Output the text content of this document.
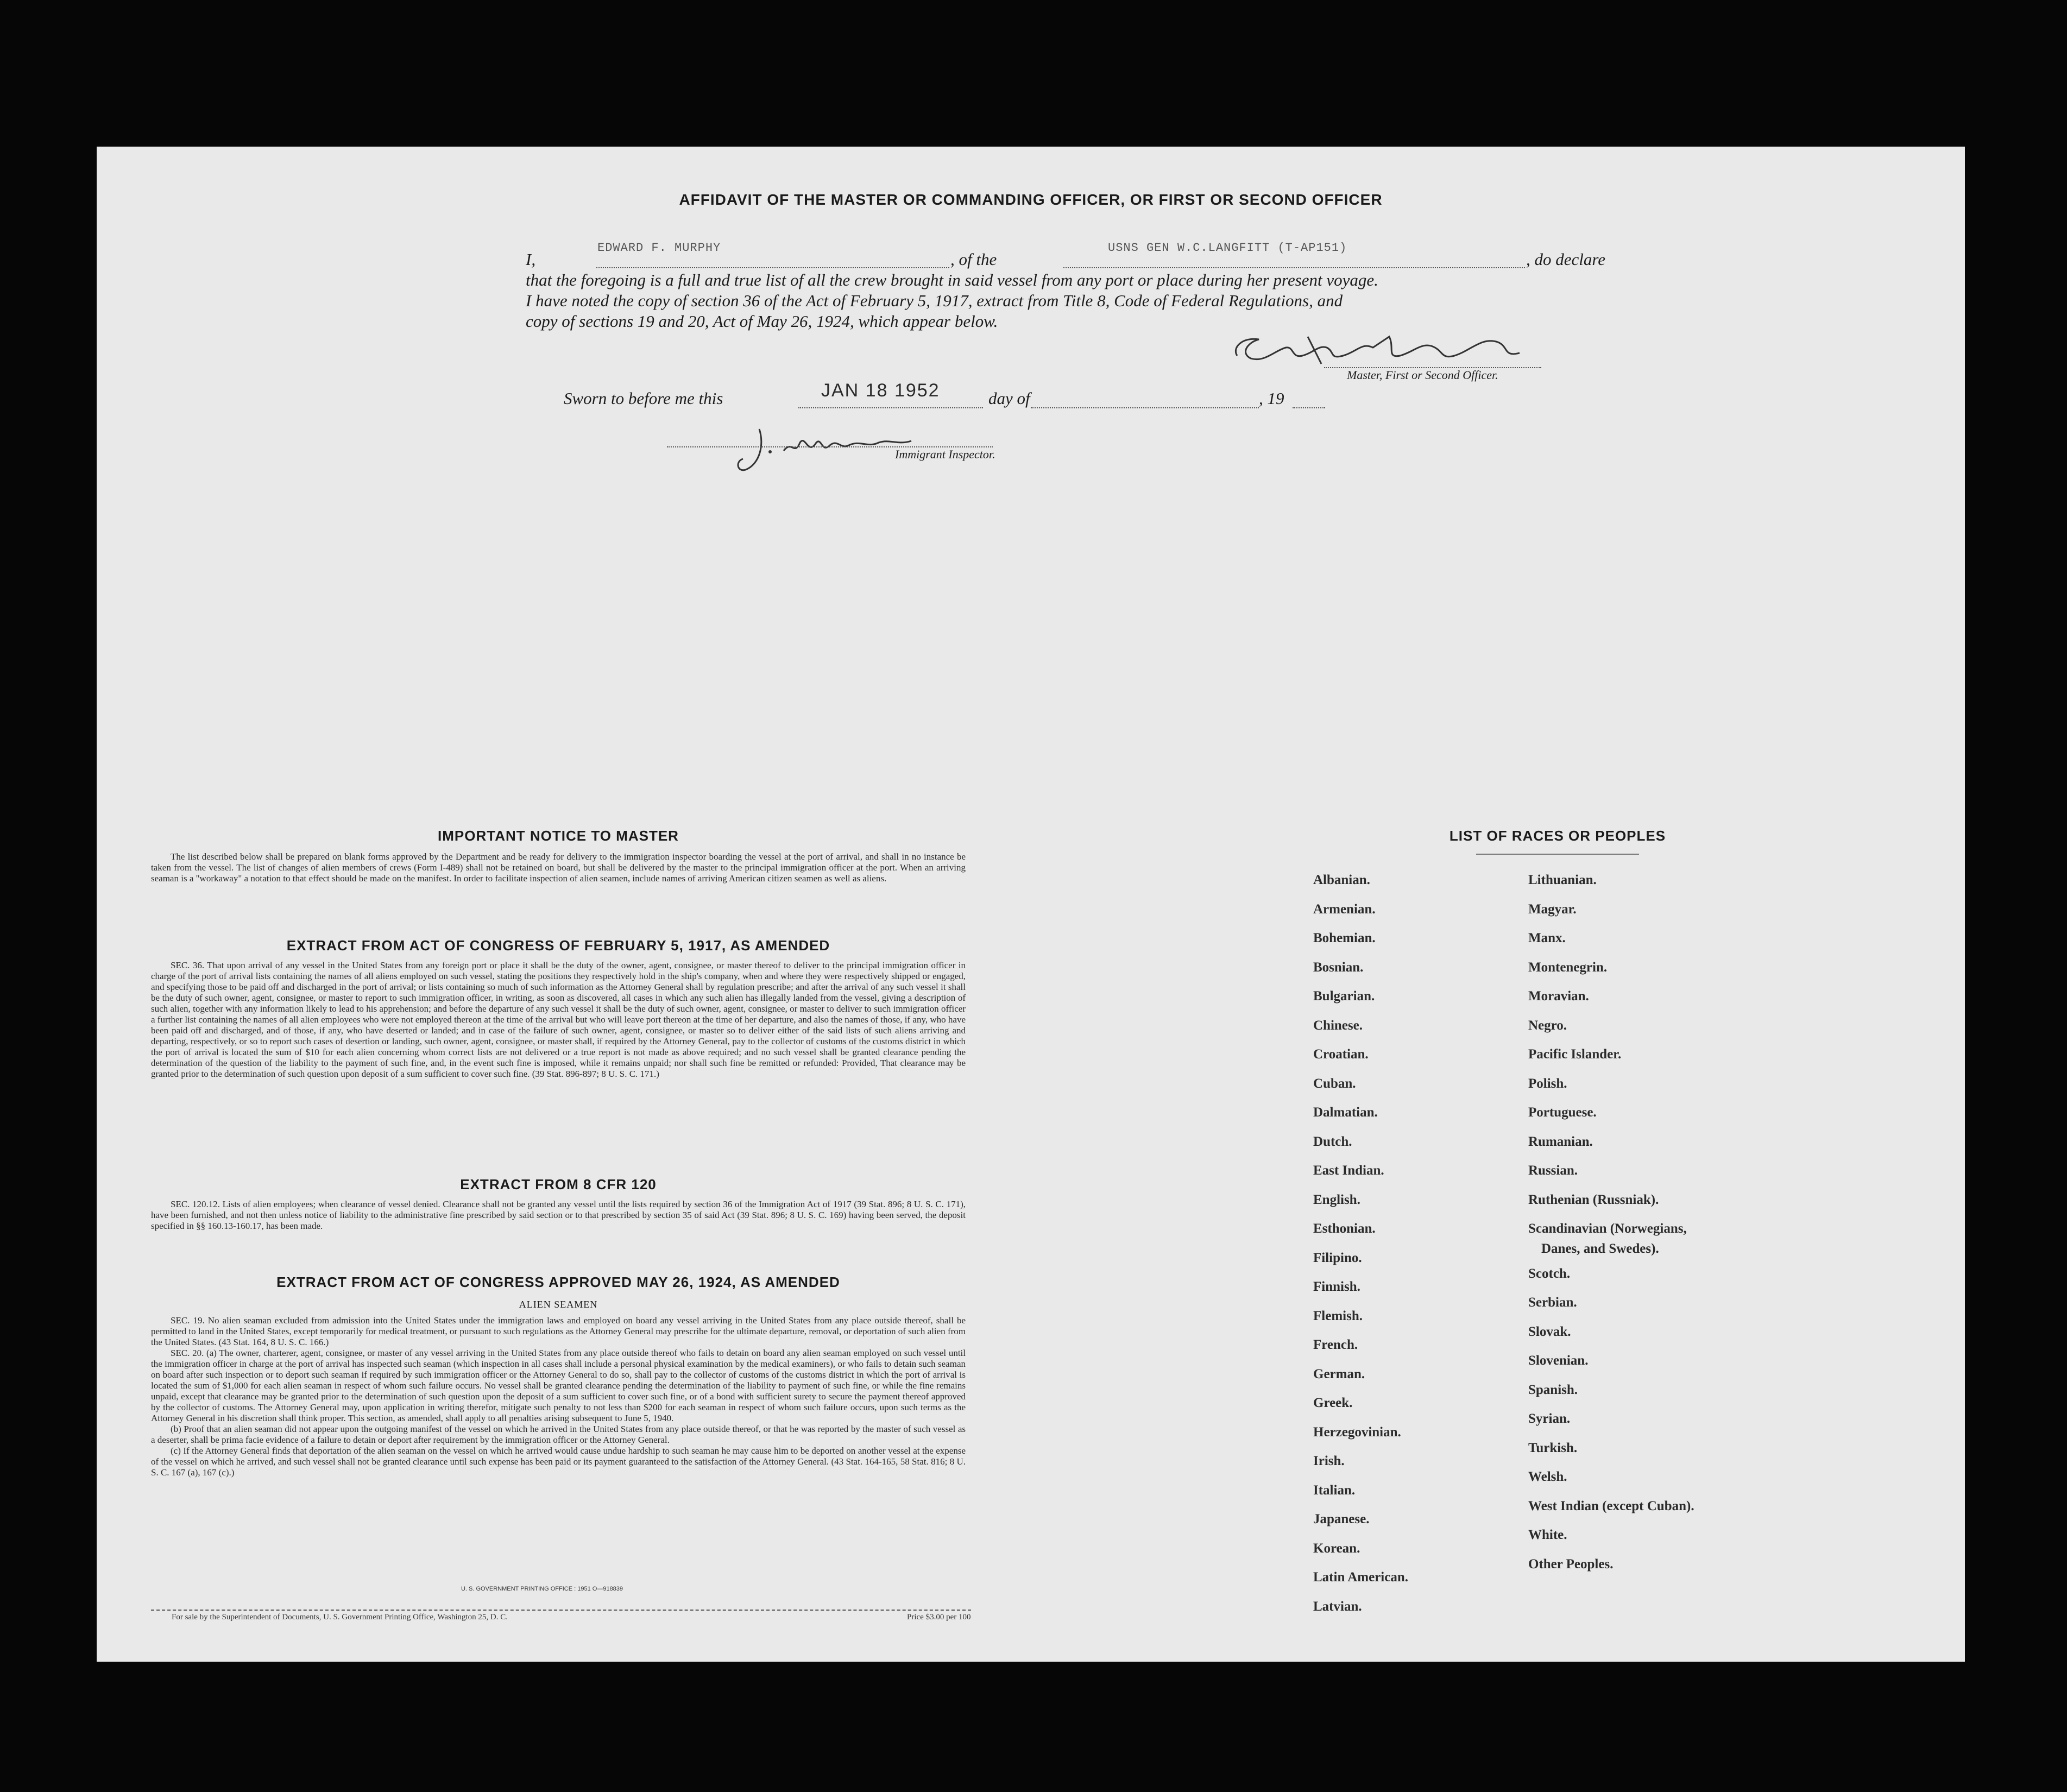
AFFIDAVIT OF THE MASTER OR COMMANDING OFFICER, OR FIRST OR SECOND OFFICER
I,
EDWARD F. MURPHY
, of the
USNS GEN W.C.LANGFITT (T-AP151)
, do declare
that the foregoing is a full and true list of all the crew brought in said vessel from any port or place during her present voyage.
I have noted the copy of section 36 of the Act of February 5, 1917, extract from Title 8, Code of Federal Regulations, and
copy of sections 19 and 20, Act of May 26, 1924, which appear below.
Master, First or Second Officer.
Sworn to before me this	JAN 18 1952	day of	, 19
Immigrant Inspector.
IMPORTANT NOTICE TO MASTER

The list described below shall be prepared on blank forms approved by the Department and be ready for delivery to the immigration inspector boarding the vessel at the port of arrival, and shall in no instance be taken from the vessel. The list of changes of alien members of crews (Form I-489) shall not be retained on board, but shall be delivered by the master to the principal immigration officer at the port. When an arriving seaman is a "workaway" a notation to that effect should be made on the manifest. In order to facilitate inspection of alien seamen, include names of arriving American citizen seamen as well as aliens.

EXTRACT FROM ACT OF CONGRESS OF FEBRUARY 5, 1917, AS AMENDED

SEC. 36. That upon arrival of any vessel in the United States from any foreign port or place it shall be the duty of the owner, agent, consignee, or master thereof to deliver to the principal immigration officer in charge of the port of arrival lists containing the names of all aliens employed on such vessel, stating the positions they respectively hold in the ship's company, when and where they were respectively shipped or engaged, and specifying those to be paid off and discharged in the port of arrival; or lists containing so much of such information as the Attorney General shall by regulation prescribe; and after the arrival of any such vessel it shall be the duty of such owner, agent, consignee, or master to report to such immigration officer, in writing, as soon as discovered, all cases in which any such alien has illegally landed from the vessel, giving a description of such alien, together with any information likely to lead to his apprehension; and before the departure of any such vessel it shall be the duty of such owner, agent, consignee, or master to deliver to such immigration officer a further list containing the names of all alien employees who were not employed thereon at the time of the arrival but who will leave port thereon at the time of her departure, and also the names of those, if any, who have been paid off and discharged, and of those, if any, who have deserted or landed; and in case of the failure of such owner, agent, consignee, or master so to deliver either of the said lists of such aliens arriving and departing, respectively, or so to report such cases of desertion or landing, such owner, agent, consignee, or master shall, if required by the Attorney General, pay to the collector of customs of the customs district in which the port of arrival is located the sum of $10 for each alien concerning whom correct lists are not delivered or a true report is not made as above required; and no such vessel shall be granted clearance pending the determination of the question of the liability to the payment of such fine, and, in the event such fine is imposed, while it remains unpaid; nor shall such fine be remitted or refunded: Provided, That clearance may be granted prior to the determination of such question upon deposit of a sum sufficient to cover such fine. (39 Stat. 896-897; 8 U. S. C. 171.)

EXTRACT FROM 8 CFR 120

SEC. 120.12. Lists of alien employees; when clearance of vessel denied. Clearance shall not be granted any vessel until the lists required by section 36 of the Immigration Act of 1917 (39 Stat. 896; 8 U. S. C. 171), have been furnished, and not then unless notice of liability to the administrative fine prescribed by said section or to that prescribed by section 35 of said Act (39 Stat. 896; 8 U. S. C. 169) having been served, the deposit specified in §§ 160.13-160.17, has been made.

EXTRACT FROM ACT OF CONGRESS APPROVED MAY 26, 1924, AS AMENDED
ALIEN SEAMEN

SEC. 19. No alien seaman excluded from admission into the United States under the immigration laws and employed on board any vessel arriving in the United States from any place outside thereof, shall be permitted to land in the United States, except temporarily for medical treatment, or pursuant to such regulations as the Attorney General may prescribe for the ultimate departure, removal, or deportation of such alien from the United States. (43 Stat. 164, 8 U. S. C. 166.)

SEC. 20. (a) The owner, charterer, agent, consignee, or master of any vessel arriving in the United States from any place outside thereof who fails to detain on board any alien seaman employed on such vessel until the immigration officer in charge at the port of arrival has inspected such seaman (which inspection in all cases shall include a personal physical examination by the medical examiners), or who fails to detain such seaman on board after such inspection or to deport such seaman if required by such immigration officer or the Attorney General to do so, shall pay to the collector of customs of the customs district in which the port of arrival is located the sum of $1,000 for each alien seaman in respect of whom such failure occurs. No vessel shall be granted clearance pending the determination of the liability to payment of such fine, or while the fine remains unpaid, except that clearance may be granted prior to the determination of such question upon the deposit of a sum sufficient to cover such fine, or of a bond with sufficient surety to secure the payment thereof approved by the collector of customs. The Attorney General may, upon application in writing therefor, mitigate such penalty to not less than $200 for each seaman in respect of whom such failure occurs, upon such terms as the Attorney General in his discretion shall think proper. This section, as amended, shall apply to all penalties arising subsequent to June 5, 1940.

(b) Proof that an alien seaman did not appear upon the outgoing manifest of the vessel on which he arrived in the United States from any place outside thereof, or that he was reported by the master of such vessel as a deserter, shall be prima facie evidence of a failure to detain or deport after requirement by the immigration officer or the Attorney General.

(c) If the Attorney General finds that deportation of the alien seaman on the vessel on which he arrived would cause undue hardship to such seaman he may cause him to be deported on another vessel at the expense of the vessel on which he arrived, and such vessel shall not be granted clearance until such expense has been paid or its payment guaranteed to the satisfaction of the Attorney General. (43 Stat. 164-165, 58 Stat. 816; 8 U. S. C. 167 (a), 167 (c).)

U. S. GOVERNMENT PRINTING OFFICE : 1951 O—918839
For sale by the Superintendent of Documents, U. S. Government Printing Office, Washington 25, D. C.	Price $3.00 per 100
LIST OF RACES OR PEOPLES
Albanian.
Armenian.
Bohemian.
Bosnian.
Bulgarian.
Chinese.
Croatian.
Cuban.
Dalmatian.
Dutch.
East Indian.
English.
Esthonian.
Filipino.
Finnish.
Flemish.
French.
German.
Greek.
Herzegovinian.
Irish.
Italian.
Japanese.
Korean.
Latin American.
Latvian.
Lithuanian.
Magyar.
Manx.
Montenegrin.
Moravian.
Negro.
Pacific Islander.
Polish.
Portuguese.
Rumanian.
Russian.
Ruthenian (Russniak).
Scandinavian (Norwegians,
Scotch.
Serbian.
Slovak.
Slovenian.
Spanish.
Syrian.
Turkish.
Welsh.
West Indian (except Cuban).
White.
Other Peoples.
Danes, and Swedes).
